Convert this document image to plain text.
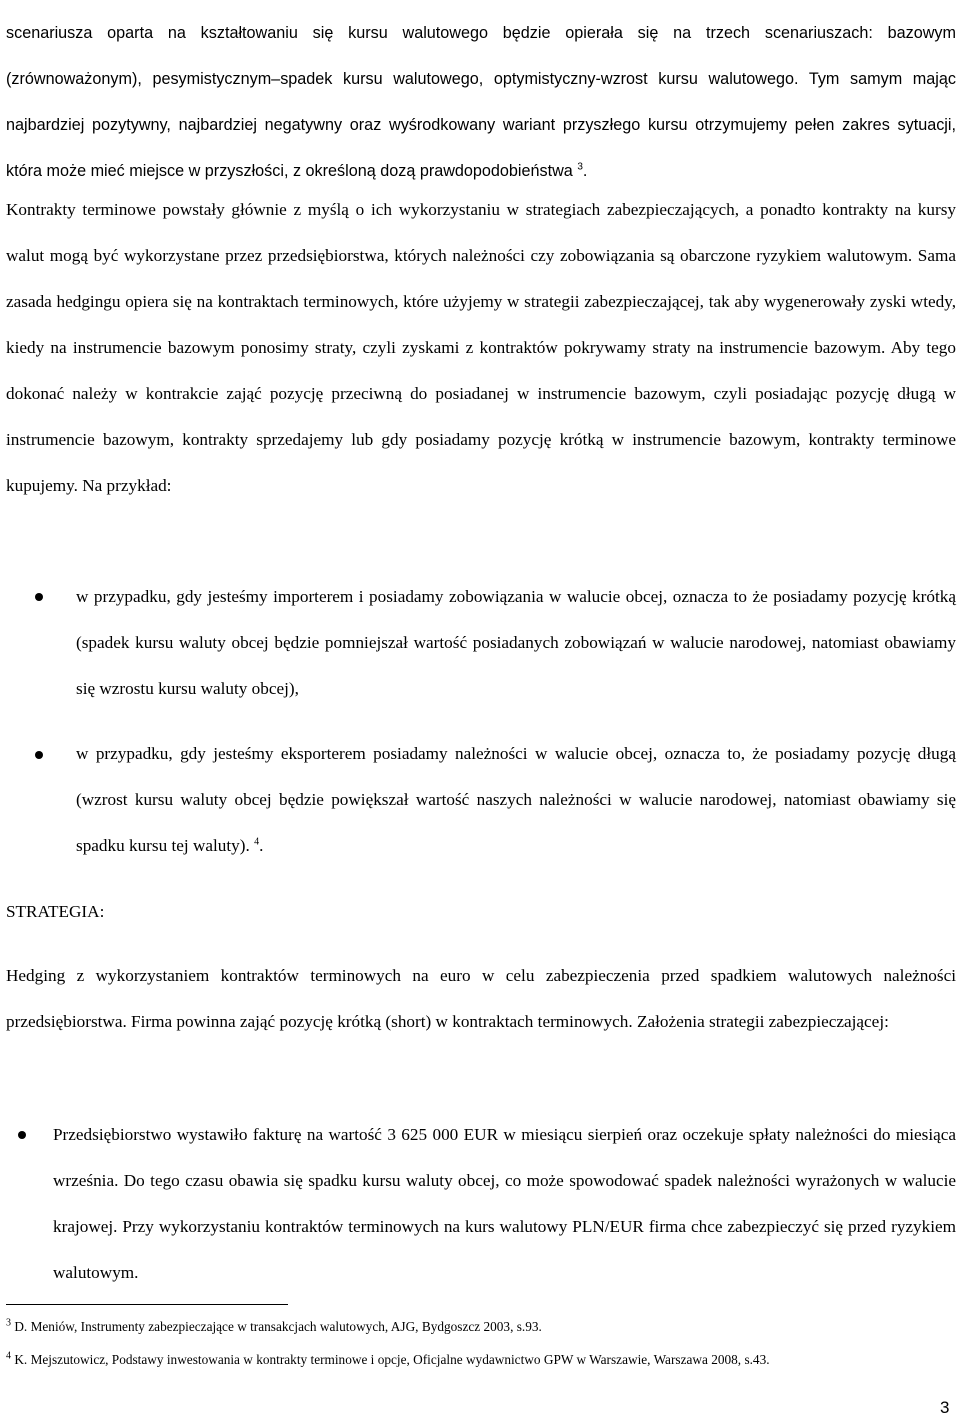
scenariusza oparta na kształtowaniu się kursu walutowego będzie opierała się na trzech scenariuszach: bazowym (zrównoważonym), pesymistycznym–spadek kursu walutowego, optymistyczny-wzrost kursu walutowego. Tym samym mając najbardziej pozytywny, najbardziej negatywny oraz wyśrodkowany wariant przyszłego kursu otrzymujemy pełen zakres sytuacji, która może mieć miejsce w przyszłości, z określoną dozą prawdopodobieństwa $^3$.
Kontrakty terminowe powstały głównie z myślą o ich wykorzystaniu w strategiach zabezpieczających, a ponadto kontrakty na kursy walut mogą być wykorzystane przez przedsiębiorstwa, których należności czy zobowiązania są obarczone ryzykiem walutowym. Sama zasada hedgingu opiera się na kontraktach terminowych, które użyjemy w strategii zabezpieczającej, tak aby wygenerowały zyski wtedy, kiedy na instrumencie bazowym ponosimy straty, czyli zyskami z kontraktów pokrywamy straty na instrumencie bazowym. Aby tego dokonać należy w kontrakcie zająć pozycję przeciwną do posiadanej w instrumencie bazowym, czyli posiadając pozycję długą w instrumencie bazowym, kontrakty sprzedajemy lub gdy posiadamy pozycję krótką w instrumencie bazowym, kontrakty terminowe kupujemy. Na przykład:
w przypadku, gdy jesteśmy importerem i posiadamy zobowiązania w walucie obcej, oznacza to że posiadamy pozycję krótką (spadek kursu waluty obcej będzie pomniejszał wartość posiadanych zobowiązań w walucie narodowej, natomiast obawiamy się wzrostu kursu waluty obcej),
w przypadku, gdy jesteśmy eksporterem posiadamy należności w walucie obcej, oznacza to, że posiadamy pozycję długą (wzrost kursu waluty obcej będzie powiększał wartość naszych należności w walucie narodowej, natomiast obawiamy się spadku kursu tej waluty). $^4$.
STRATEGIA:
Hedging z wykorzystaniem kontraktów terminowych na euro w celu zabezpieczenia przed spadkiem walutowych należności przedsiębiorstwa. Firma powinna zająć pozycję krótką (short) w kontraktach terminowych. Założenia strategii zabezpieczającej:
Przedsiębiorstwo wystawiło fakturę na wartość 3 625 000 EUR w miesiącu sierpień oraz oczekuje spłaty należności do miesiąca września. Do tego czasu obawia się spadku kursu waluty obcej, co może spowodować spadek należności wyrażonych w walucie krajowej. Przy wykorzystaniu kontraktów terminowych na kurs walutowy PLN/EUR firma chce zabezpieczyć się przed ryzykiem walutowym.
$^3$ D. Meniów, Instrumenty zabezpieczające w transakcjach walutowych, AJG, Bydgoszcz 2003, s.93.
$^4$ K. Mejszutowicz, Podstawy inwestowania w kontrakty terminowe i opcje, Oficjalne wydawnictwo GPW w Warszawie, Warszawa 2008, s.43.
3
